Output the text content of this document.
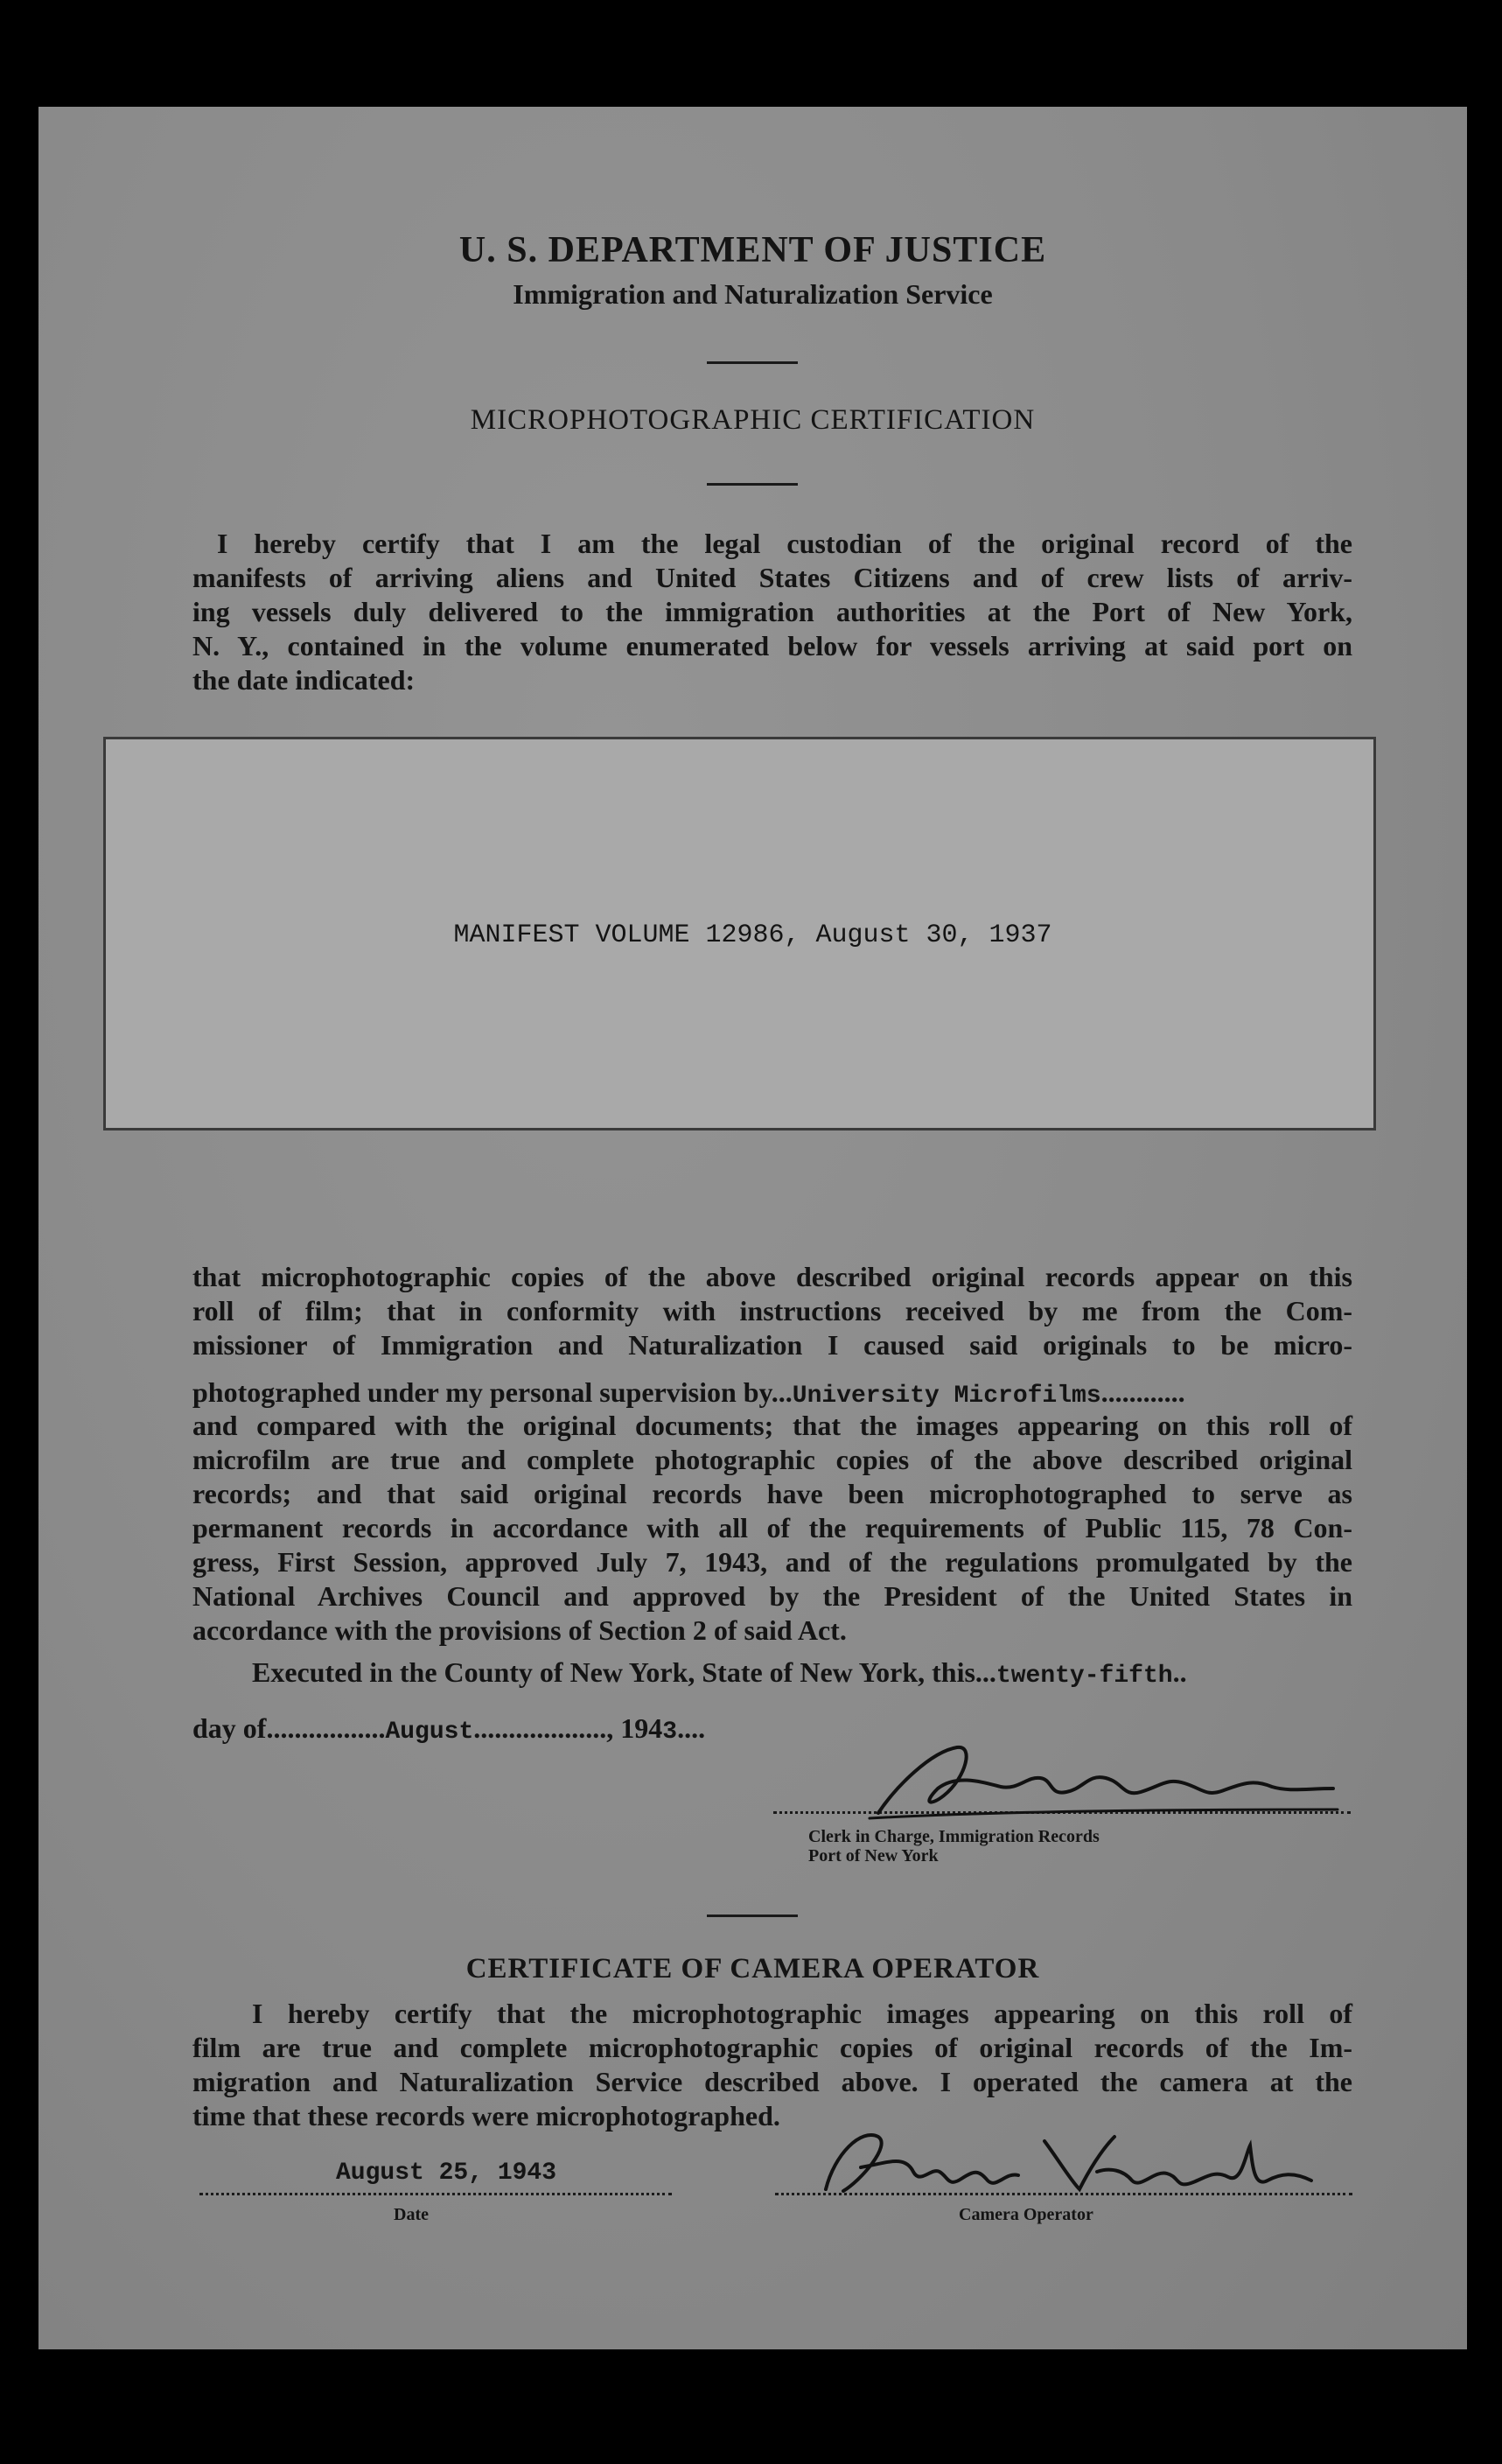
U. S. DEPARTMENT OF JUSTICE
Immigration and Naturalization Service
MICROPHOTOGRAPHIC CERTIFICATION
I hereby certify that I am the legal custodian of the original record of the
manifests of arriving aliens and United States Citizens and of crew lists of arriv-
ing vessels duly delivered to the immigration authorities at the Port of New York,
N. Y., contained in the volume enumerated below for vessels arriving at said port on
the date indicated:
MANIFEST VOLUME 12986, August 30, 1937
that microphotographic copies of the above described original records appear on this
roll of film; that in conformity with instructions received by me from the Com-
missioner of Immigration and Naturalization I caused said originals to be micro-
photographed under my personal supervision by...University Microfilms............
and compared with the original documents; that the images appearing on this roll of
microfilm are true and complete photographic copies of the above described original
records; and that said original records have been microphotographed to serve as
permanent records in accordance with all of the requirements of Public 115, 78 Con-
gress, First Session, approved July 7, 1943, and of the regulations promulgated by the
National Archives Council and approved by the President of the United States in
accordance with the provisions of Section 2 of said Act.
Executed in the County of New York, State of New York, this...twenty-fifth..
day of.................August..................., 1943....
Clerk in Charge, Immigration Records
Port of New York
CERTIFICATE OF CAMERA OPERATOR
I hereby certify that the microphotographic images appearing on this roll of
film are true and complete microphotographic copies of original records of the Im-
migration and Naturalization Service described above. I operated the camera at the
time that these records were microphotographed.
August 25, 1943
Date	Camera Operator
